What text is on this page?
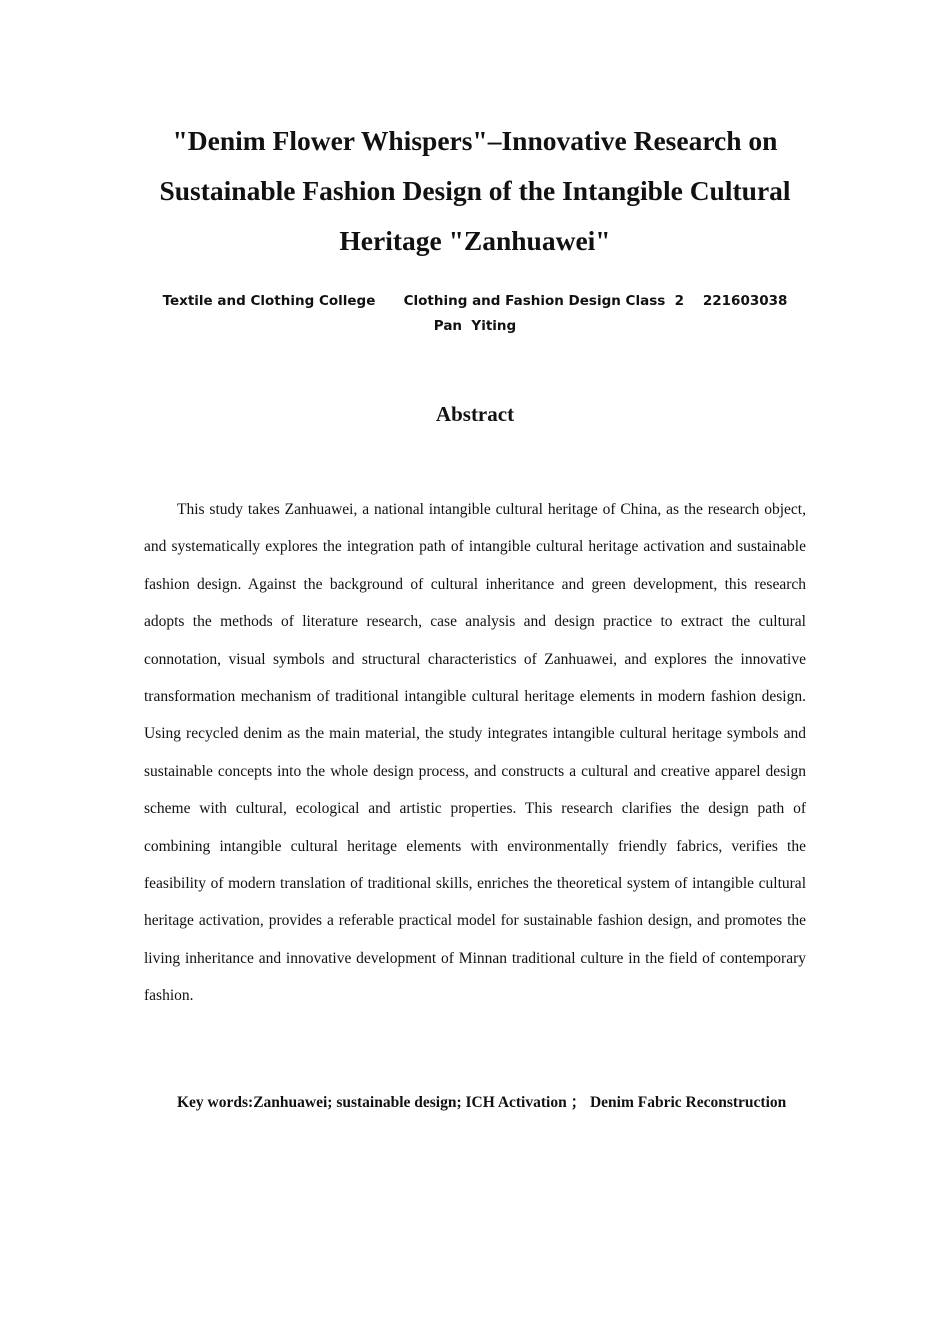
"Denim Flower Whispers"–Innovative Research on Sustainable Fashion Design of the Intangible Cultural Heritage "Zanhuawei"
Textile and Clothing College Clothing and Fashion Design Class  2 221603038
Pan  Yiting
Abstract

This study takes Zanhuawei, a national intangible cultural heritage of China, as the research object, and systematically explores the integration path of intangible cultural heritage activation and sustainable fashion design. Against the background of cultural inheritance and green development, this research adopts the methods of literature research, case analysis and design practice to extract the cultural connotation, visual symbols and structural characteristics of Zanhuawei, and explores the innovative transformation mechanism of traditional intangible cultural heritage elements in modern fashion design. Using recycled denim as the main material, the study integrates intangible cultural heritage symbols and sustainable concepts into the whole design process, and constructs a cultural and creative apparel design scheme with cultural, ecological and artistic properties. This research clarifies the design path of combining intangible cultural heritage elements with environmentally friendly fabrics, verifies the feasibility of modern translation of traditional skills, enriches the theoretical system of intangible cultural heritage activation, provides a referable practical model for sustainable fashion design, and promotes the living inheritance and innovative development of Minnan traditional culture in the field of contemporary fashion.

Key words:Zanhuawei; sustainable design; ICH Activation ； Denim Fabric Reconstruction
